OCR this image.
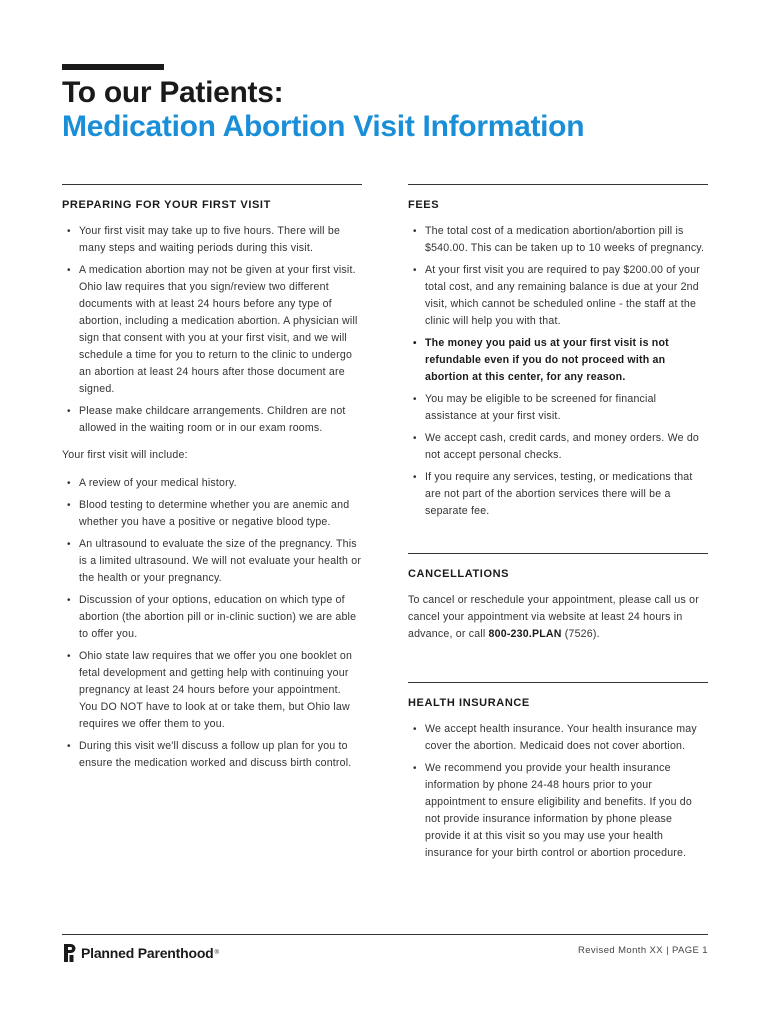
To our Patients:
Medication Abortion Visit Information
PREPARING FOR YOUR FIRST VISIT
• Your first visit may take up to five hours. There will be many steps and waiting periods during this visit.
• A medication abortion may not be given at your first visit. Ohio law requires that you sign/review two different documents with at least 24 hours before any type of abortion, including a medication abortion. A physician will sign that consent with you at your first visit, and we will schedule a time for you to return to the clinic to undergo an abortion at least 24 hours after those document are signed.
• Please make childcare arrangements. Children are not allowed in the waiting room or in our exam rooms.

Your first visit will include:

• A review of your medical history.
• Blood testing to determine whether you are anemic and whether you have a positive or negative blood type.
• An ultrasound to evaluate the size of the pregnancy. This is a limited ultrasound. We will not evaluate your health or the health or your pregnancy.
• Discussion of your options, education on which type of abortion (the abortion pill or in-clinic suction) we are able to offer you.
• Ohio state law requires that we offer you one booklet on fetal development and getting help with continuing your pregnancy at least 24 hours before your appointment. You DO NOT have to look at or take them, but Ohio law requires we offer them to you.
• During this visit we'll discuss a follow up plan for you to ensure the medication worked and discuss birth control.
FEES
• The total cost of a medication abortion/abortion pill is $540.00. This can be taken up to 10 weeks of pregnancy.
• At your first visit you are required to pay $200.00 of your total cost, and any remaining balance is due at your 2nd visit, which cannot be scheduled online - the staff at the clinic will help you with that.
• The money you paid us at your first visit is not refundable even if you do not proceed with an abortion at this center, for any reason.
• You may be eligible to be screened for financial assistance at your first visit.
• We accept cash, credit cards, and money orders. We do not accept personal checks.
• If you require any services, testing, or medications that are not part of the abortion services there will be a separate fee.
CANCELLATIONS

To cancel or reschedule your appointment, please call us or cancel your appointment via website at least 24 hours in advance, or call 800-230.PLAN (7526).

HEALTH INSURANCE
• We accept health insurance. Your health insurance may cover the abortion. Medicaid does not cover abortion.
• We recommend you provide your health insurance information by phone 24-48 hours prior to your appointment to ensure eligibility and benefits. If you do not provide insurance information by phone please provide it at this visit so you may use your health insurance for your birth control or abortion procedure.
Planned Parenthood ®	Revised Month XX | PAGE 1
